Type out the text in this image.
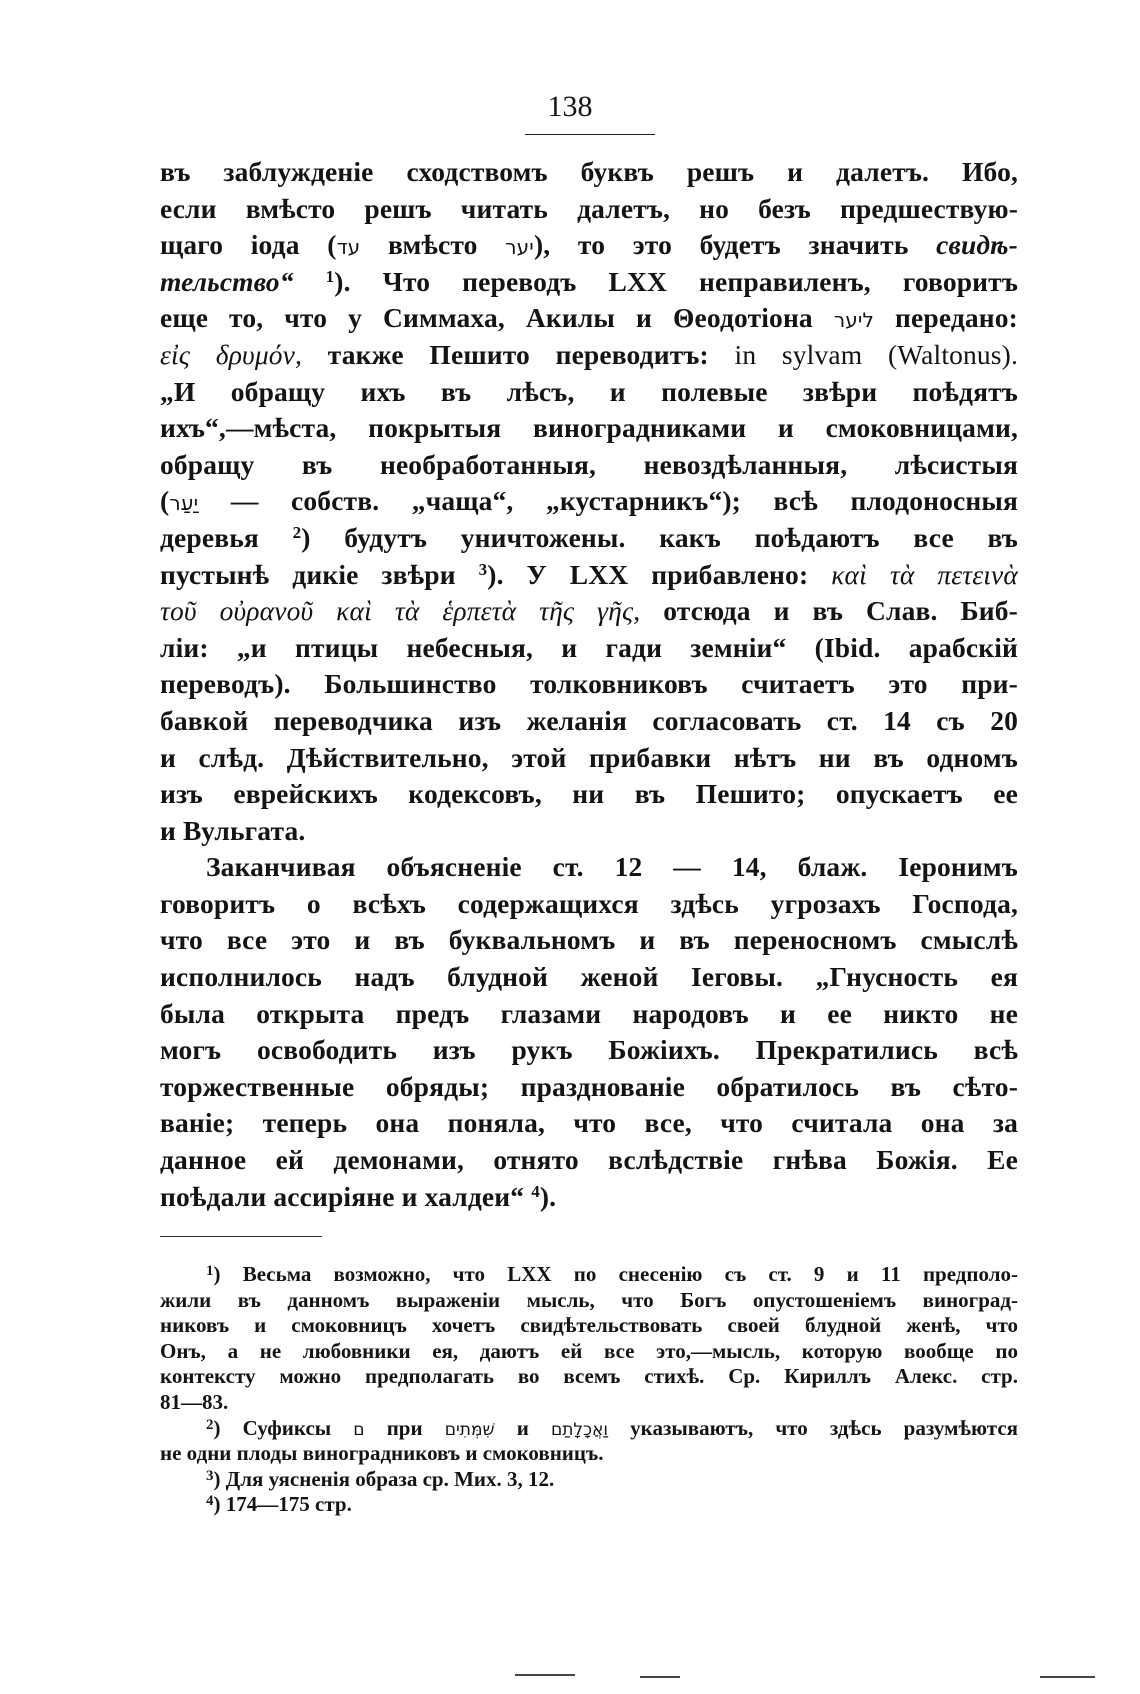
138
въ заблужденіе сходствомъ буквъ решъ и далетъ. Ибо,
если вмѣсто решъ читать далетъ, но безъ предшествую-
щаго іода (עד вмѣсто יער), то это будетъ значить свидѣ-
тельство“ $^1$). Что переводъ LXX неправиленъ, говоритъ
еще то, что у Симмаха, Акилы и Θеодотіона ליער передано:
εἰς δρυμόν, также Пешито переводитъ: in sylvam (Waltonus).
„И обращу ихъ въ лѣсъ, и полевые звѣри поѣдятъ
ихъ“,—мѣста, покрытыя виноградниками и смоковницами,
обращу въ необработанныя, невоздѣланныя, лѣсистыя
(יַעַר — собств. „чаща“, „кустарникъ“); всѣ плодоносныя
деревья $^2$) будутъ уничтожены. какъ поѣдаютъ все въ
пустынѣ дикіе звѣри $^3$). У LXX прибавлено: καὶ τὰ πετεινὰ
τοῦ οὐρανοῦ καὶ τὰ ἑρπετὰ τῆς γῆς, отсюда и въ Слав. Биб-
ліи: „и птицы небесныя, и гади земніи“ (Ibid. арабскій
переводъ). Большинство толковниковъ считаетъ это при-
бавкой переводчика изъ желанія согласовать ст. 14 съ 20
и слѣд. Дѣйствительно, этой прибавки нѣтъ ни въ одномъ
изъ еврейскихъ кодексовъ, ни въ Пешито; опускаетъ ее
и Вульгата.
Заканчивая объясненіе ст. 12 — 14, блаж. Іеронимъ
говоритъ о всѣхъ содержащихся здѣсь угрозахъ Господа,
что все это и въ буквальномъ и въ переносномъ смыслѣ
исполнилось надъ блудной женой Іеговы. „Гнусность ея
была открыта предъ глазами народовъ и ее никто не
могъ освободить изъ рукъ Божіихъ. Прекратились всѣ
торжественные обряды; празднованіе обратилось въ сѣто-
ваніе; теперь она поняла, что все, что считала она за
данное ей демонами, отнято вслѣдствіе гнѣва Божія. Ее
поѣдали ассиріяне и халдеи“ $^4$).
$^1$) Весьма возможно, что LXX по снесенію съ ст. 9 и 11 предполо-
жили въ данномъ выраженіи мысль, что Богъ опустошеніемъ виноград-
никовъ и смоковницъ хочетъ свидѣтельствовать своей блудной женѣ, что
Онъ, а не любовники ея, даютъ ей все это,—мысль, которую вообще по
контексту можно предполагать во всемъ стихѣ. Ср. Кириллъ Алекс. стр.
81—83.
$^2$) Суфиксы ם при שִׁמְּתִים и וַאֲכָלָתַם указываютъ, что здѣсь разумѣются
не одни плоды виноградниковъ и смоковницъ.
$^3$) Для уясненія образа ср. Мих. 3, 12.
$^4$) 174—175 стр.
